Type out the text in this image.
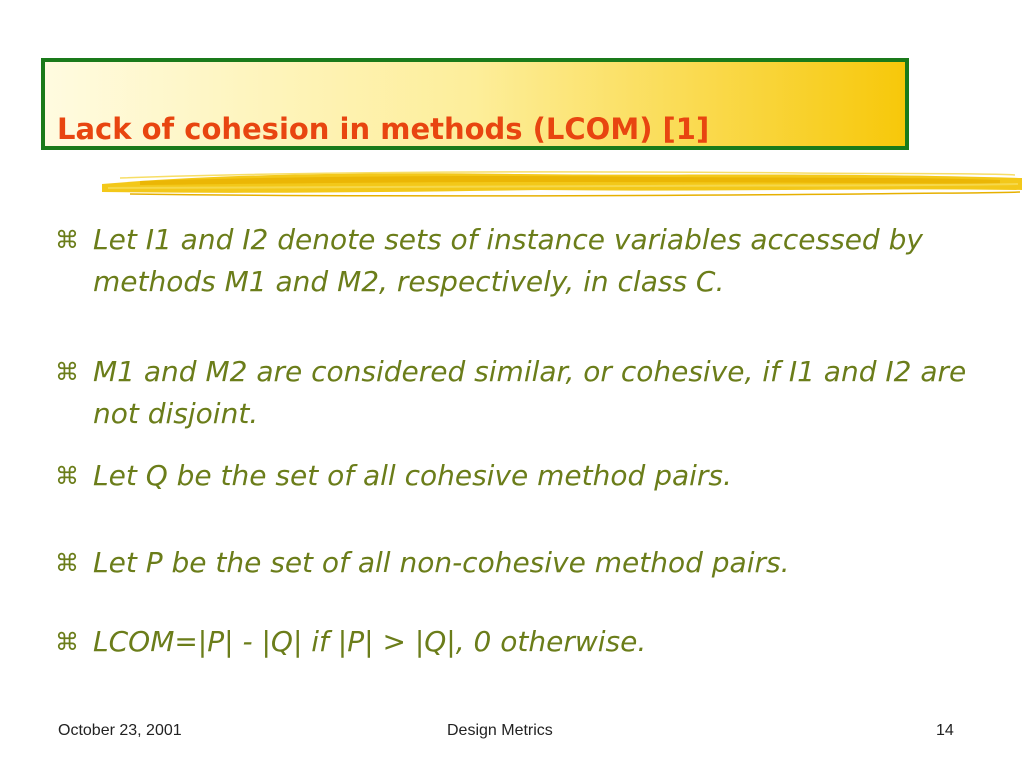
Lack of cohesion in methods (LCOM) [1]
⌘ Let I1 and I2 denote sets of instance variables accessed by methods M1 and M2, respectively, in class C.
⌘ M1 and M2 are considered similar, or cohesive, if I1 and I2 are not disjoint.
⌘ Let Q be the set of all cohesive method pairs.
⌘ Let P be the set of all non-cohesive method pairs.
⌘ LCOM=|P| - |Q| if |P| > |Q|, 0 otherwise.
October 23, 2001	Design Metrics	14
